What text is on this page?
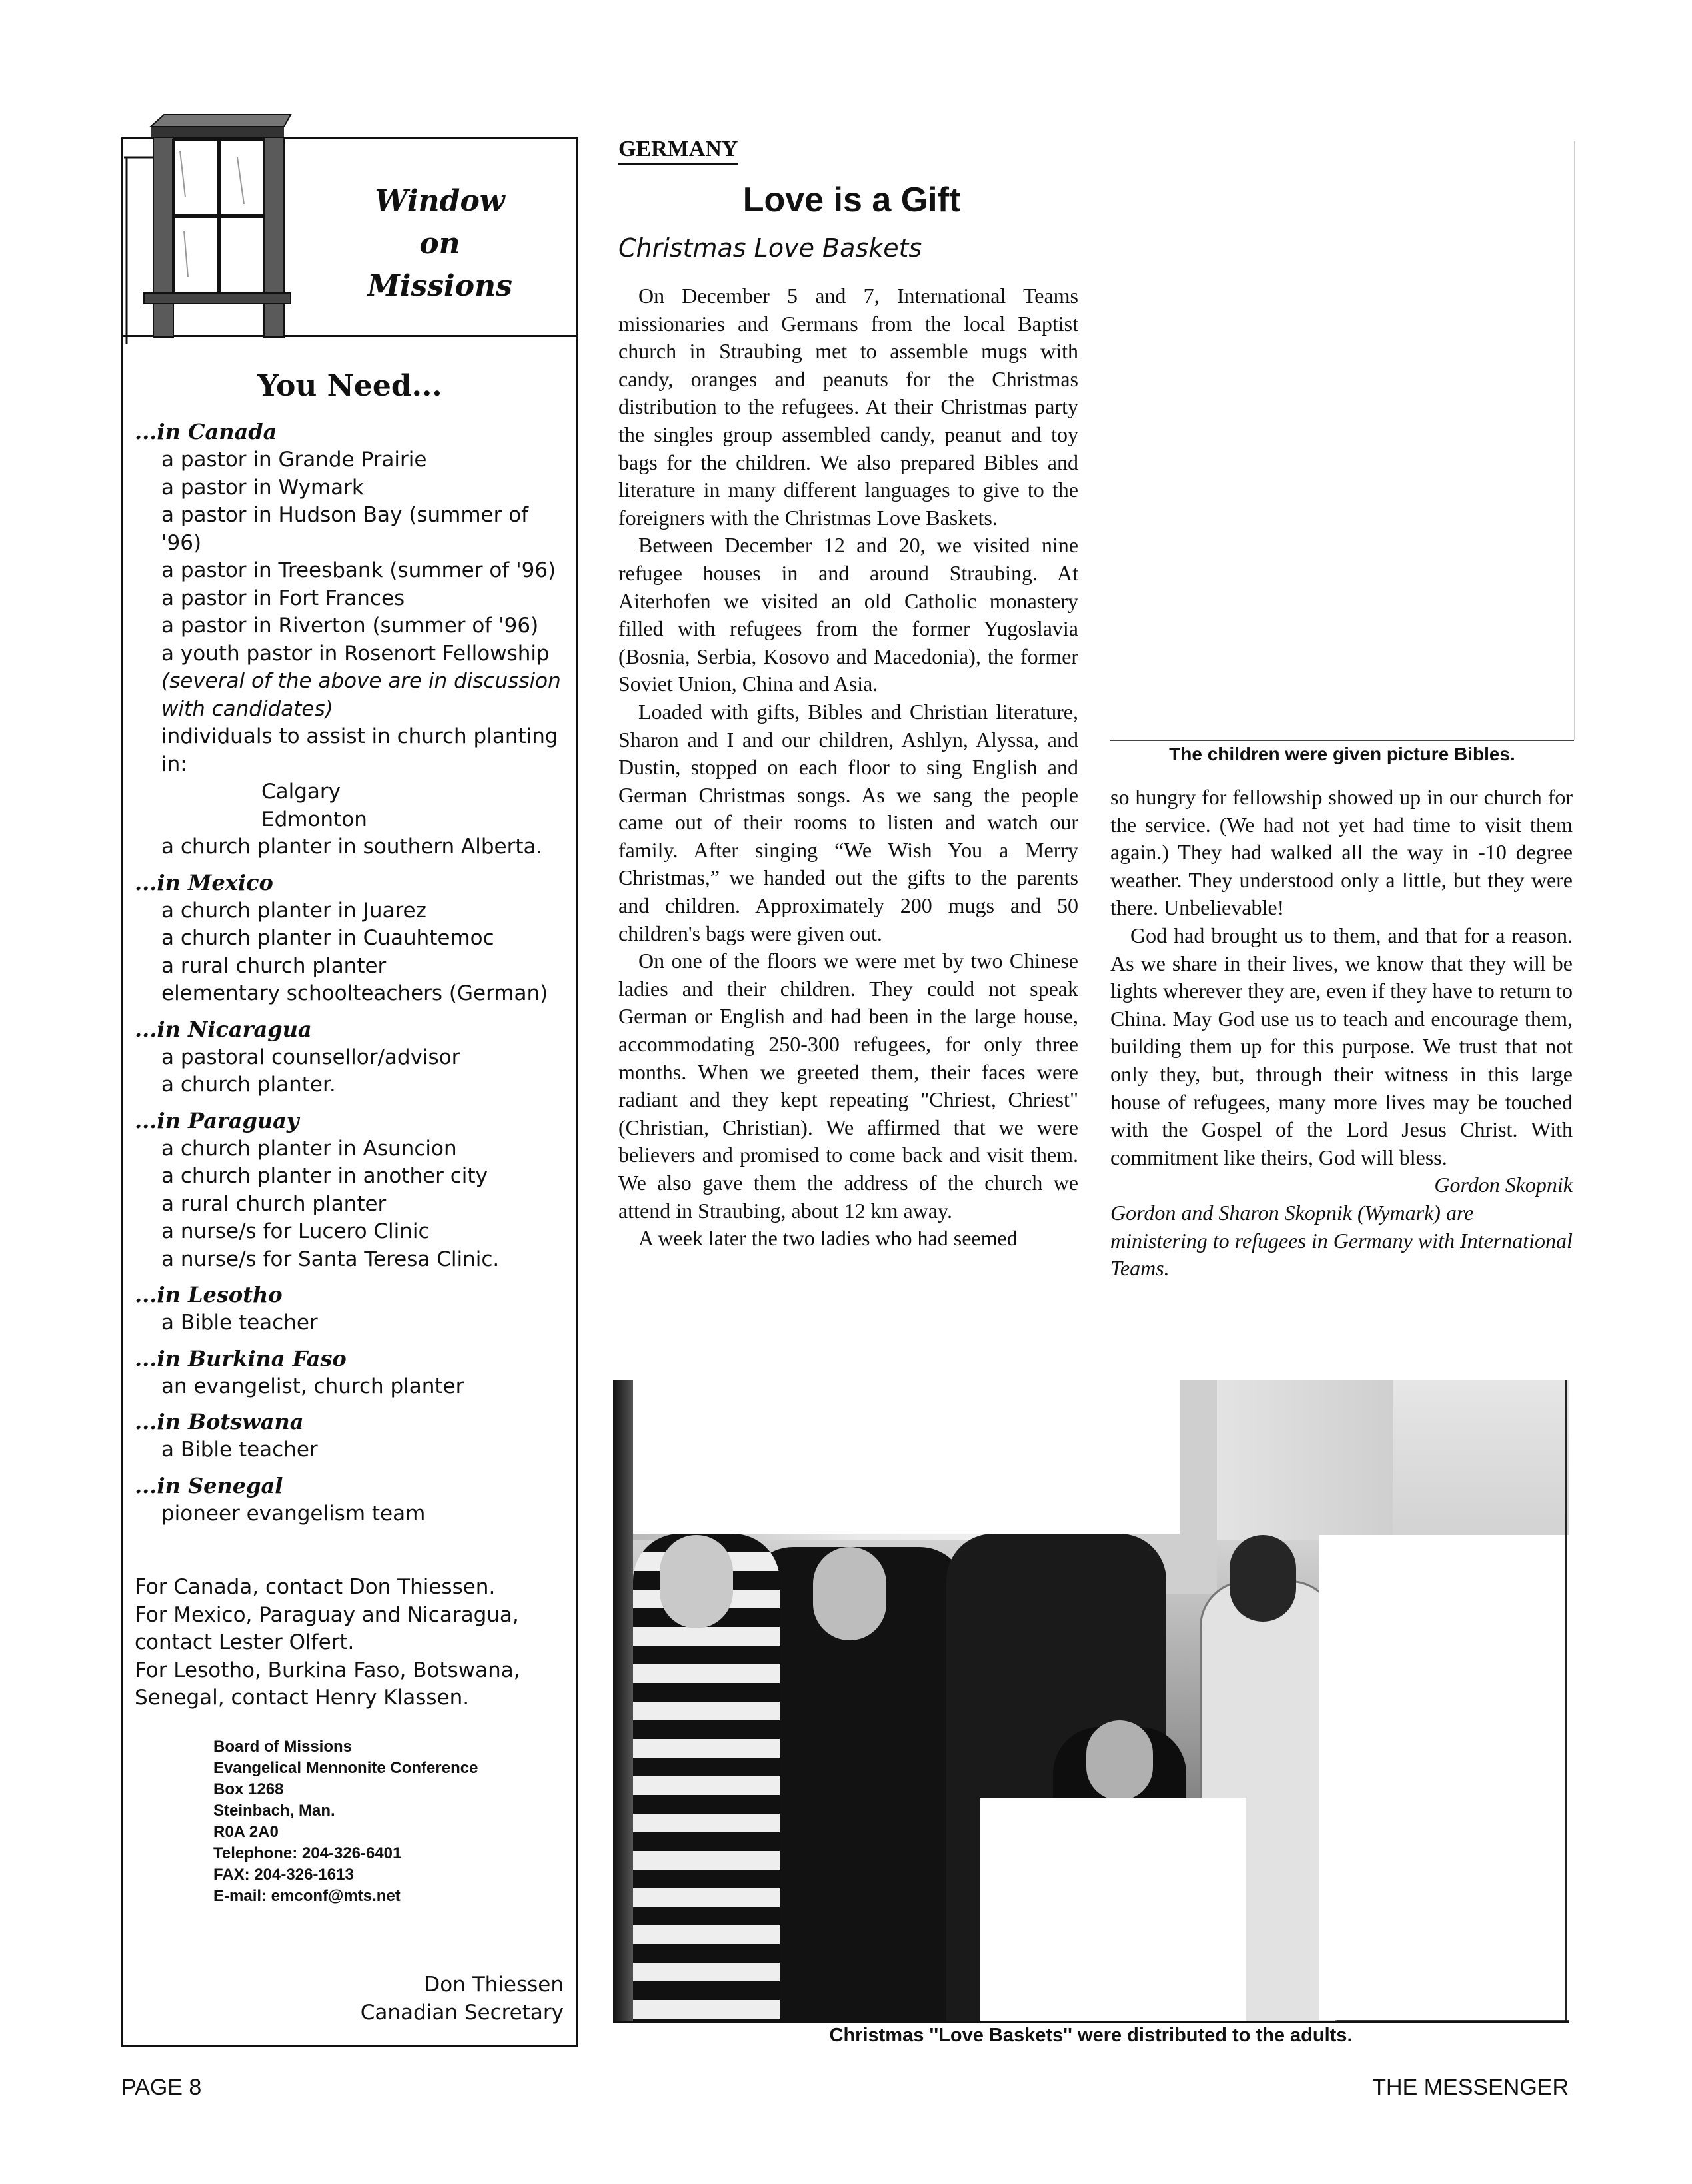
Window
on
Missions
You Need...
...in Canada
a pastor in Grande Prairie
a pastor in Wymark
a pastor in Hudson Bay (summer of '96)
a pastor in Treesbank (summer of '96)
a pastor in Fort Frances
a pastor in Riverton (summer of '96)
a youth pastor in Rosenort Fellowship
(several of the above are in discussion with candidates)
individuals to assist in church planting in:
Calgary
Edmonton
a church planter in southern Alberta.
...in Mexico
a church planter in Juarez
a church planter in Cuauhtemoc
a rural church planter
elementary schoolteachers (German)
...in Nicaragua
a pastoral counsellor/advisor
a church planter.
...in Paraguay
a church planter in Asuncion
a church planter in another city
a rural church planter
a nurse/s for Lucero Clinic
a nurse/s for Santa Teresa Clinic.
...in Lesotho
a Bible teacher
...in Burkina Faso
an evangelist, church planter
...in Botswana
a Bible teacher
...in Senegal
pioneer evangelism team
For Canada, contact Don Thiessen.
For Mexico, Paraguay and Nicaragua, contact Lester Olfert.
For Lesotho, Burkina Faso, Botswana, Senegal, contact Henry Klassen.
Board of Missions
Evangelical Mennonite Conference
Box 1268
Steinbach, Man.
R0A 2A0
Telephone: 204-326-6401
FAX: 204-326-1613
E-mail: emconf@mts.net
Don Thiessen
Canadian Secretary
GERMANY
Love is a Gift
Christmas Love Baskets

On December 5 and 7, International Teams missionaries and Germans from the local Baptist church in Straubing met to assemble mugs with candy, oranges and peanuts for the Christmas distribution to the refugees. At their Christmas party the singles group assembled candy, peanut and toy bags for the children. We also prepared Bibles and literature in many different languages to give to the foreigners with the Christmas Love Baskets.

Between December 12 and 20, we visited nine refugee houses in and around Straubing. At Aiterhofen we visited an old Catholic monastery filled with refugees from the former Yugoslavia (Bosnia, Serbia, Kosovo and Macedonia), the former Soviet Union, China and Asia.

Loaded with gifts, Bibles and Christian literature, Sharon and I and our children, Ashlyn, Alyssa, and Dustin, stopped on each floor to sing English and German Christmas songs. As we sang the people came out of their rooms to listen and watch our family. After singing “We Wish You a Merry Christmas,” we handed out the gifts to the parents and children. Approximately 200 mugs and 50 children's bags were given out.

On one of the floors we were met by two Chinese ladies and their children. They could not speak German or English and had been in the large house, accommodating 250-300 refugees, for only three months. When we greeted them, their faces were radiant and they kept repeating "Chriest, Chriest" (Christian, Christian). We affirmed that we were believers and promised to come back and visit them. We also gave them the address of the church we attend in Straubing, about 12 km away.

A week later the two ladies who had seemed

so hungry for fellowship showed up in our church for the service. (We had not yet had time to visit them again.) They had walked all the way in -10 degree weather. They understood only a little, but they were there. Unbelievable!

God had brought us to them, and that for a reason. As we share in their lives, we know that they will be lights wherever they are, even if they have to return to China. May God use us to teach and encourage them, building them up for this purpose. We trust that not only they, but, through their witness in this large house of refugees, many more lives may be touched with the Gospel of the Lord Jesus Christ. With commitment like theirs, God will bless.

Gordon Skopnik
Gordon and Sharon Skopnik (Wymark) are ministering to refugees in Germany with International Teams.
The children were given picture Bibles.
Christmas ''Love Baskets'' were distributed to the adults.
PAGE 8	THE MESSENGER
